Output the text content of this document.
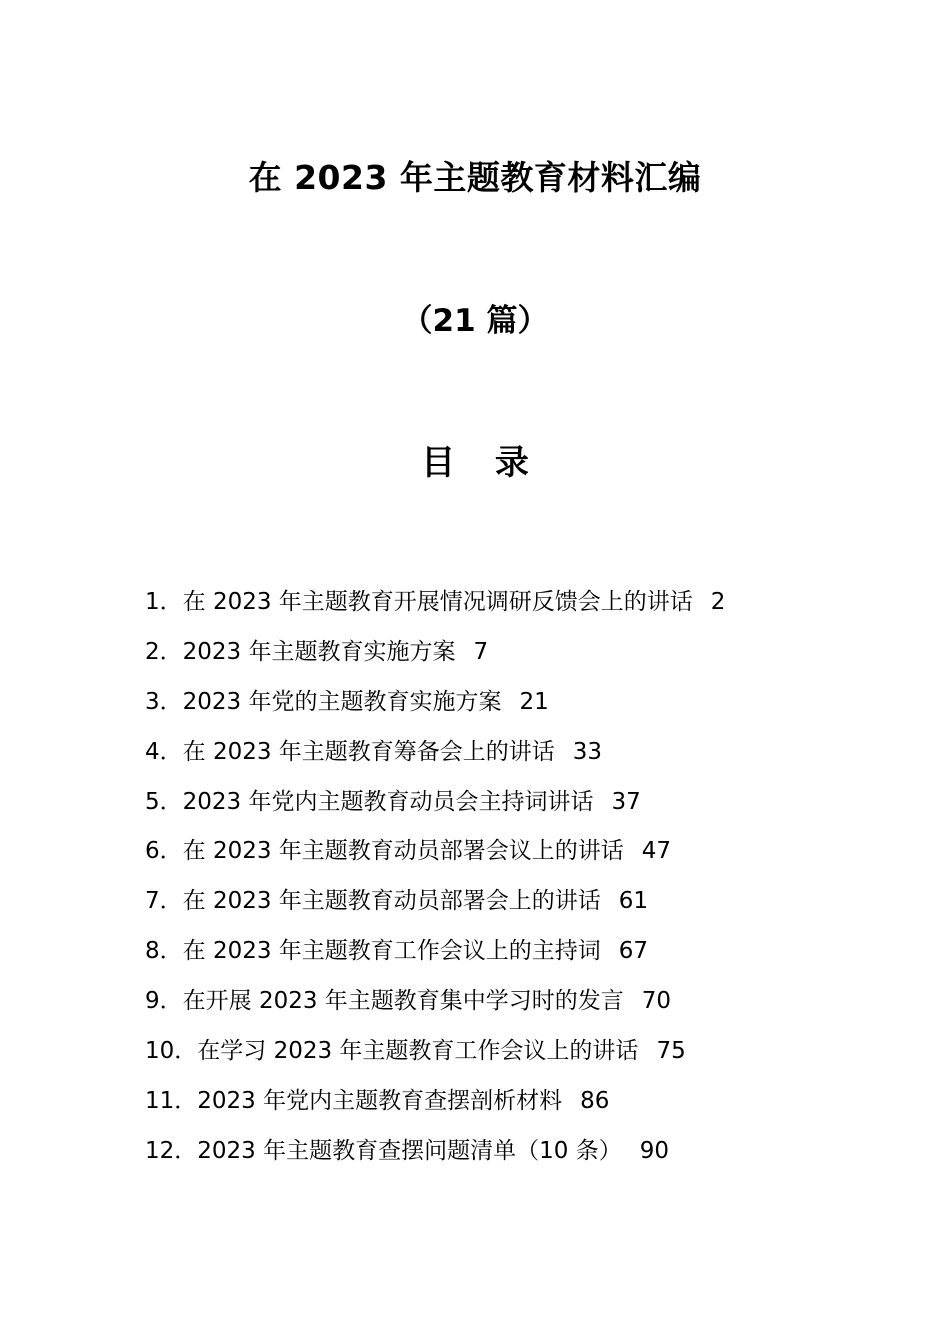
在 2023 年主题教育材料汇编
（21 篇）
目 录
1．在 2023 年主题教育开展情况调研反馈会上的讲话 2
2．2023 年主题教育实施方案 7
3．2023 年党的主题教育实施方案 21
4．在 2023 年主题教育筹备会上的讲话 33
5．2023 年党内主题教育动员会主持词讲话 37
6．在 2023 年主题教育动员部署会议上的讲话 47
7．在 2023 年主题教育动员部署会上的讲话 61
8．在 2023 年主题教育工作会议上的主持词 67
9．在开展 2023 年主题教育集中学习时的发言 70
10．在学习 2023 年主题教育工作会议上的讲话 75
11．2023 年党内主题教育查摆剖析材料 86
12．2023 年主题教育查摆问题清单（10 条） 90
